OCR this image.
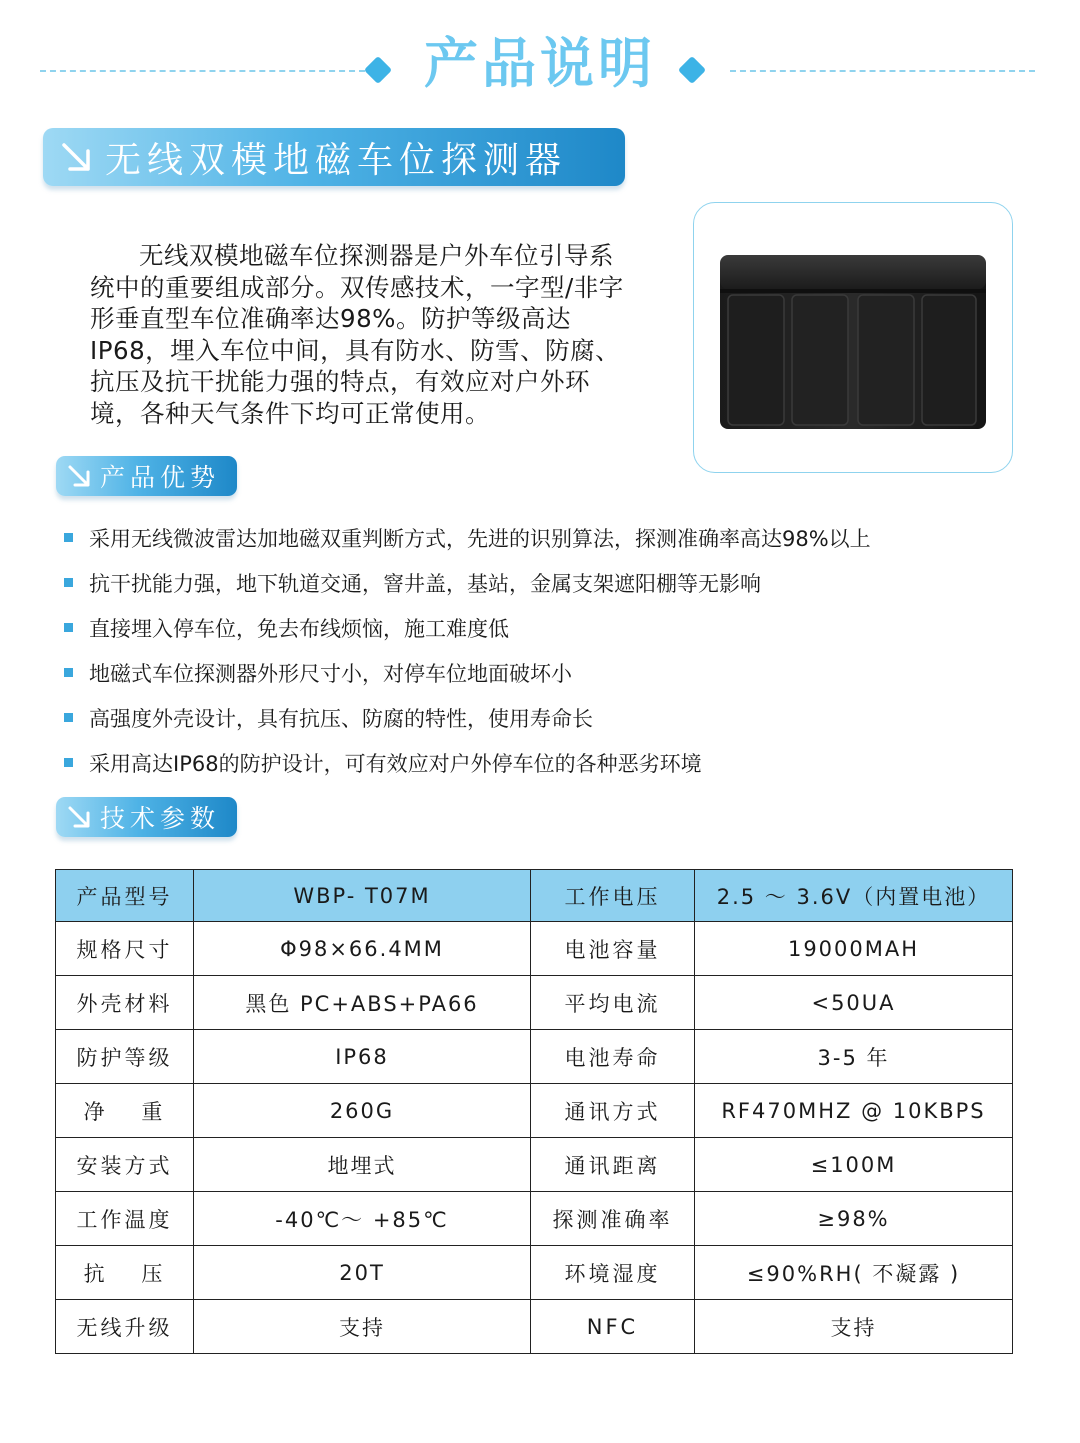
产品说明
无线双模地磁车位探测器

无线双模地磁车位探测器是户外车位引导系统中的重要组成部分。双传感技术，一字型/非字形垂直型车位准确率达98%。防护等级高达IP68，埋入车位中间，具有防水、防雪、防腐、抗压及抗干扰能力强的特点，有效应对户外环境，各种天气条件下均可正常使用。

产品优势
采用无线微波雷达加地磁双重判断方式，先进的识别算法，探测准确率高达98%以上
抗干扰能力强，地下轨道交通，窨井盖，基站，金属支架遮阳棚等无影响
直接埋入停车位，免去布线烦恼，施工难度低
地磁式车位探测器外形尺寸小，对停车位地面破坏小
高强度外壳设计，具有抗压、防腐的特性，使用寿命长
采用高达IP68的防护设计，可有效应对户外停车位的各种恶劣环境
技术参数
产品型号	WBP- T07M	工作电压	2.5 ～ 3.6V（内置电池）
规格尺寸	Φ98×66.4MM	电池容量	19000MAH
外壳材料	黑色 PC+ABS+PA66	平均电流	<50UA
防护等级	IP68	电池寿命	3-5 年
净　 重	260G	通讯方式	RF470MHZ @ 10KBPS
安装方式	地埋式	通讯距离	≤100M
工作温度	-40℃～ +85℃	探测准确率	≥98%
抗　 压	20T	环境湿度	≤90%RH( 不凝露 )
无线升级	支持	NFC	支持
